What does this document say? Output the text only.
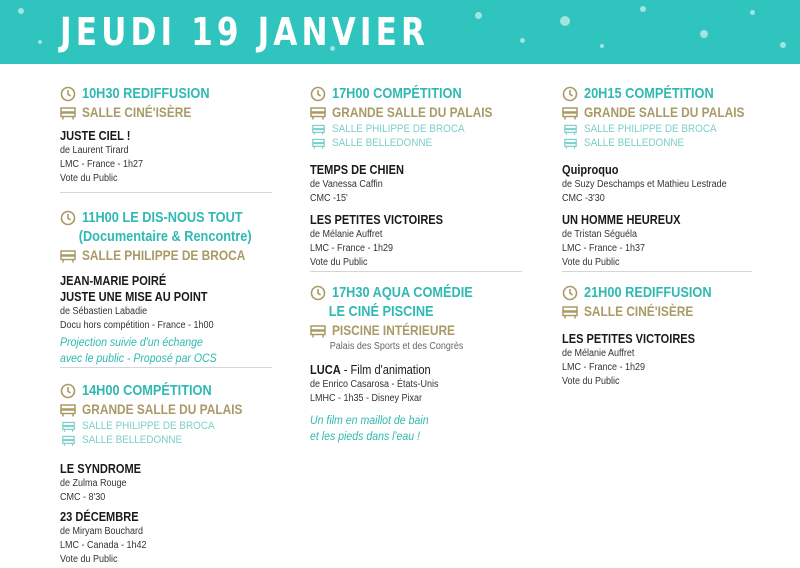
JEUDI 19 JANVIER
10H30 REDIFFUSION
SALLE CINÉ'ISÈRE
JUSTE CIEL !
de Laurent Tirard
LMC - France - 1h27
Vote du Public
11H00 LE DIS-NOUS TOUT
(Documentaire & Rencontre)
SALLE PHILIPPE DE BROCA
JEAN-MARIE POIRÉ
JUSTE UNE MISE AU POINT
de Sébastien Labadie
Docu hors compétition - France - 1h00
Projection suivie d'un échange
avec le public - Proposé par OCS
14H00 COMPÉTITION
GRANDE SALLE DU PALAIS
SALLE PHILIPPE DE BROCA
SALLE BELLEDONNE
LE SYNDROME
de Zulma Rouge
CMC - 8'30
23 DÉCEMBRE
de Miryam Bouchard
LMC - Canada - 1h42
Vote du Public
17H00 COMPÉTITION
GRANDE SALLE DU PALAIS
SALLE PHILIPPE DE BROCA
SALLE BELLEDONNE
TEMPS DE CHIEN
de Vanessa Caffin
CMC -15'
LES PETITES VICTOIRES
de Mélanie Auffret
LMC - France - 1h29
Vote du Public
17H30 AQUA COMÉDIE
LE CINÉ PISCINE
PISCINE INTÉRIEURE
Palais des Sports et des Congrès
LUCA - Film d'animation
de Enrico Casarosa - États-Unis
LMHC - 1h35 - Disney Pixar
Un film en maillot de bain
et les pieds dans l'eau !
20H15 COMPÉTITION
GRANDE SALLE DU PALAIS
SALLE PHILIPPE DE BROCA
SALLE BELLEDONNE
Quiproquo
de Suzy Deschamps et Mathieu Lestrade
CMC -3'30
UN HOMME HEUREUX
de Tristan Séguéla
LMC - France - 1h37
Vote du Public
21H00 REDIFFUSION
SALLE CINÉ'ISÈRE
LES PETITES VICTOIRES
de Mélanie Auffret
LMC - France - 1h29
Vote du Public
